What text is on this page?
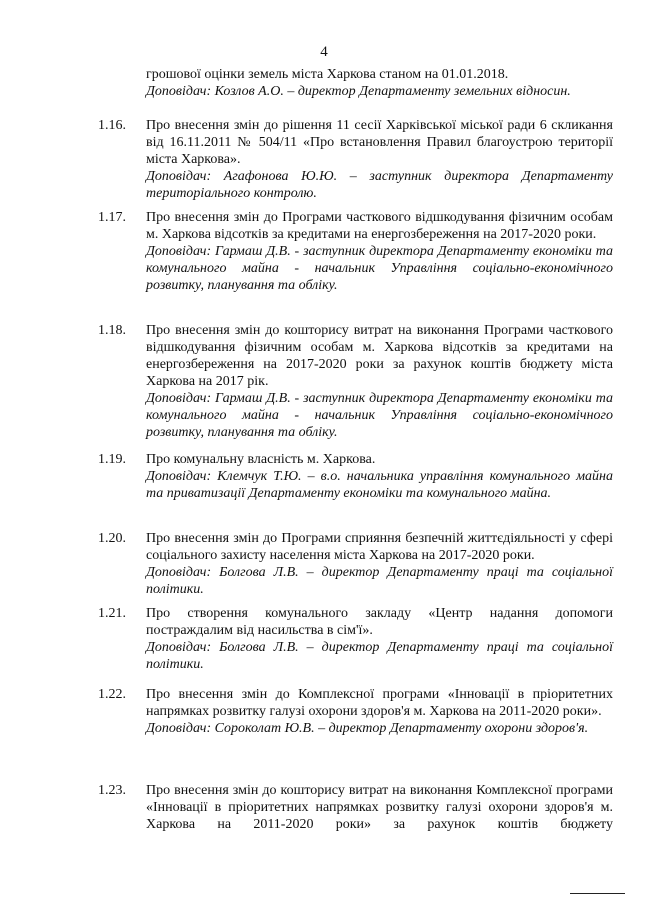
4
грошової оцінки земель міста Харкова станом на 01.01.2018.
Доповідач: Козлов А.О. – директор Департаменту земельних відносин.
1.16. Про внесення змін до рішення 11 сесії Харківської міської ради 6 скликання від 16.11.2011 № 504/11 «Про встановлення Правил благоустрою території міста Харкова».
Доповідач: Агафонова Ю.Ю. – заступник директора Департаменту територіального контролю.
1.17. Про внесення змін до Програми часткового відшкодування фізичним особам м. Харкова відсотків за кредитами на енергозбереження на 2017-2020 роки.
Доповідач: Гармаш Д.В. - заступник директора Департаменту економіки та комунального майна - начальник Управління соціально-економічного розвитку, планування та обліку.
1.18. Про внесення змін до кошторису витрат на виконання Програми часткового відшкодування фізичним особам м. Харкова відсотків за кредитами на енергозбереження на 2017-2020 роки за рахунок коштів бюджету міста Харкова на 2017 рік.
Доповідач: Гармаш Д.В. - заступник директора Департаменту економіки та комунального майна - начальник Управління соціально-економічного розвитку, планування та обліку.
1.19. Про комунальну власність м. Харкова.
Доповідач: Клемчук Т.Ю. – в.о. начальника управління комунального майна та приватизації Департаменту економіки та комунального майна.
1.20. Про внесення змін до Програми сприяння безпечній життєдіяльності у сфері соціального захисту населення міста Харкова на 2017-2020 роки.
Доповідач: Болгова Л.В. – директор Департаменту праці та соціальної політики.
1.21. Про створення комунального закладу «Центр надання допомоги постраждалим від насильства в сім'ї».
Доповідач: Болгова Л.В. – директор Департаменту праці та соціальної політики.
1.22. Про внесення змін до Комплексної програми «Інновації в пріоритетних напрямках розвитку галузі охорони здоров'я м. Харкова на 2011-2020 роки».
Доповідач: Сороколат Ю.В. – директор Департаменту охорони здоров'я.
1.23. Про внесення змін до кошторису витрат на виконання Комплексної програми «Інновації в пріоритетних напрямках розвитку галузі охорони здоров'я м. Харкова на 2011-2020 роки» за рахунок коштів бюджету
